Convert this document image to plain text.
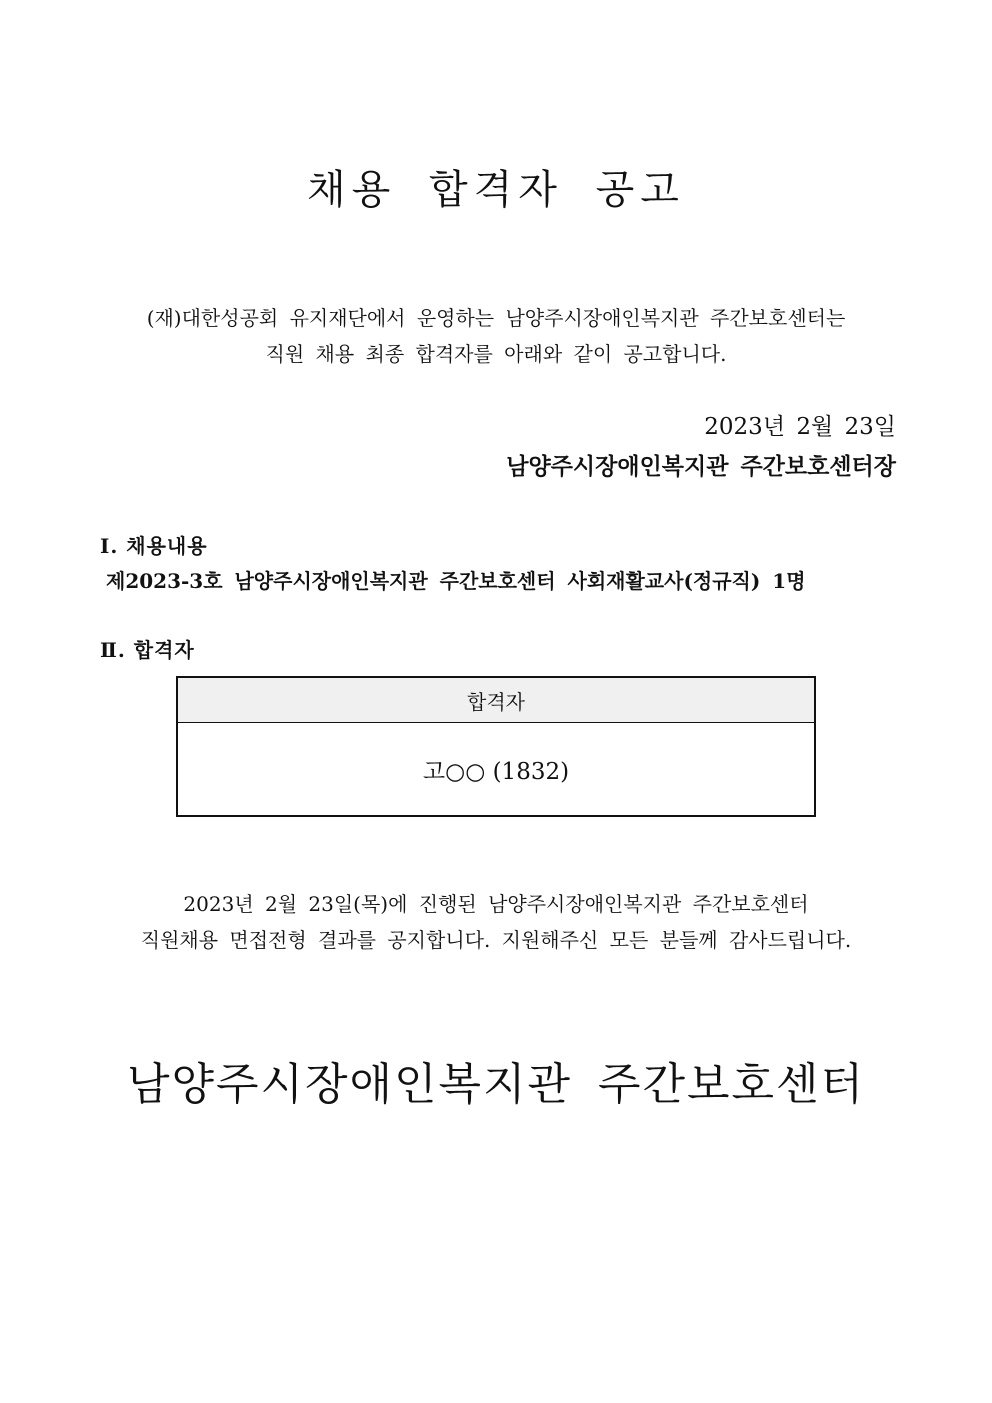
채용 합격자 공고
(재)대한성공회 유지재단에서 운영하는 남양주시장애인복지관 주간보호센터는
직원 채용 최종 합격자를 아래와 같이 공고합니다.
2023년 2월 23일
남양주시장애인복지관 주간보호센터장
Ⅰ. 채용내용
제2023-3호 남양주시장애인복지관 주간보호센터 사회재활교사(정규직) 1명
Ⅱ. 합격자
합격자
고○○ (1832)
2023년 2월 23일(목)에 진행된 남양주시장애인복지관 주간보호센터
직원채용 면접전형 결과를 공지합니다. 지원해주신 모든 분들께 감사드립니다.
남양주시장애인복지관 주간보호센터
